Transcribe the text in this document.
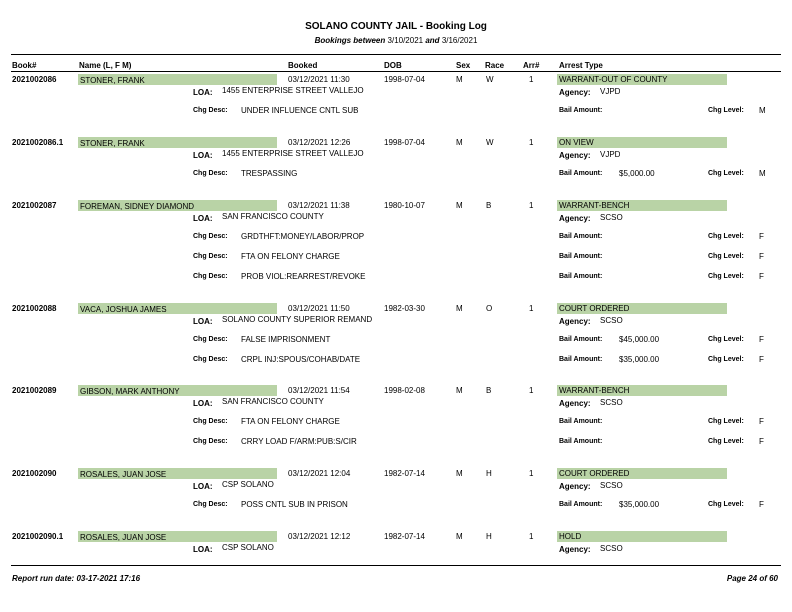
SOLANO COUNTY JAIL - Booking Log
Bookings between 3/10/2021 and 3/16/2021
Book#	Name (L, F M)	Booked	DOB	Sex Race Arr# Arrest Type
2021002086	STONER, FRANK	03/12/2021 11:30	1998-07-04	M	W	1	WARRANT-OUT OF COUNTY
LOA: 1455 ENTERPRISE STREET VALLEJO	Agency: VJPD
Chg Desc: UNDER INFLUENCE CNTL SUB	Bail Amount:	Chg Level: M
2021002086.1 STONER, FRANK	03/12/2021 12:26	1998-07-04	M	W	1	ON VIEW
LOA: 1455 ENTERPRISE STREET VALLEJO	Agency: VJPD
Chg Desc: TRESPASSING	Bail Amount: $5,000.00	Chg Level: M
2021002087	FOREMAN, SIDNEY DIAMOND	03/12/2021 11:38	1980-10-07	M	B	1	WARRANT-BENCH
LOA: SAN FRANCISCO COUNTY	Agency: SCSO
Chg Desc: GRDTHFT:MONEY/LABOR/PROP	Bail Amount:	Chg Level: F
Chg Desc: FTA ON FELONY CHARGE	Bail Amount:	Chg Level: F
Chg Desc: PROB VIOL:REARREST/REVOKE	Bail Amount:	Chg Level: F
2021002088	VACA, JOSHUA JAMES	03/12/2021 11:50	1982-03-30	M	O	1	COURT ORDERED
LOA: SOLANO COUNTY SUPERIOR REMAND	Agency: SCSO
Chg Desc: FALSE IMPRISONMENT	Bail Amount: $45,000.00	Chg Level: F
Chg Desc: CRPL INJ:SPOUS/COHAB/DATE	Bail Amount: $35,000.00	Chg Level: F
2021002089	GIBSON, MARK ANTHONY	03/12/2021 11:54	1998-02-08	M	B	1	WARRANT-BENCH
LOA: SAN FRANCISCO COUNTY	Agency: SCSO
Chg Desc: FTA ON FELONY CHARGE	Bail Amount:	Chg Level: F
Chg Desc: CRRY LOAD F/ARM:PUB:S/CIR	Bail Amount:	Chg Level: F
2021002090	ROSALES, JUAN JOSE	03/12/2021 12:04	1982-07-14	M	H	1	COURT ORDERED
LOA: CSP SOLANO	Agency: SCSO
Chg Desc: POSS CNTL SUB IN PRISON	Bail Amount: $35,000.00	Chg Level: F
2021002090.1 ROSALES, JUAN JOSE	03/12/2021 12:12	1982-07-14	M	H	1	HOLD
LOA: CSP SOLANO	Agency: SCSO
Report run date: 03-17-2021 17:16	Page 24 of 60
